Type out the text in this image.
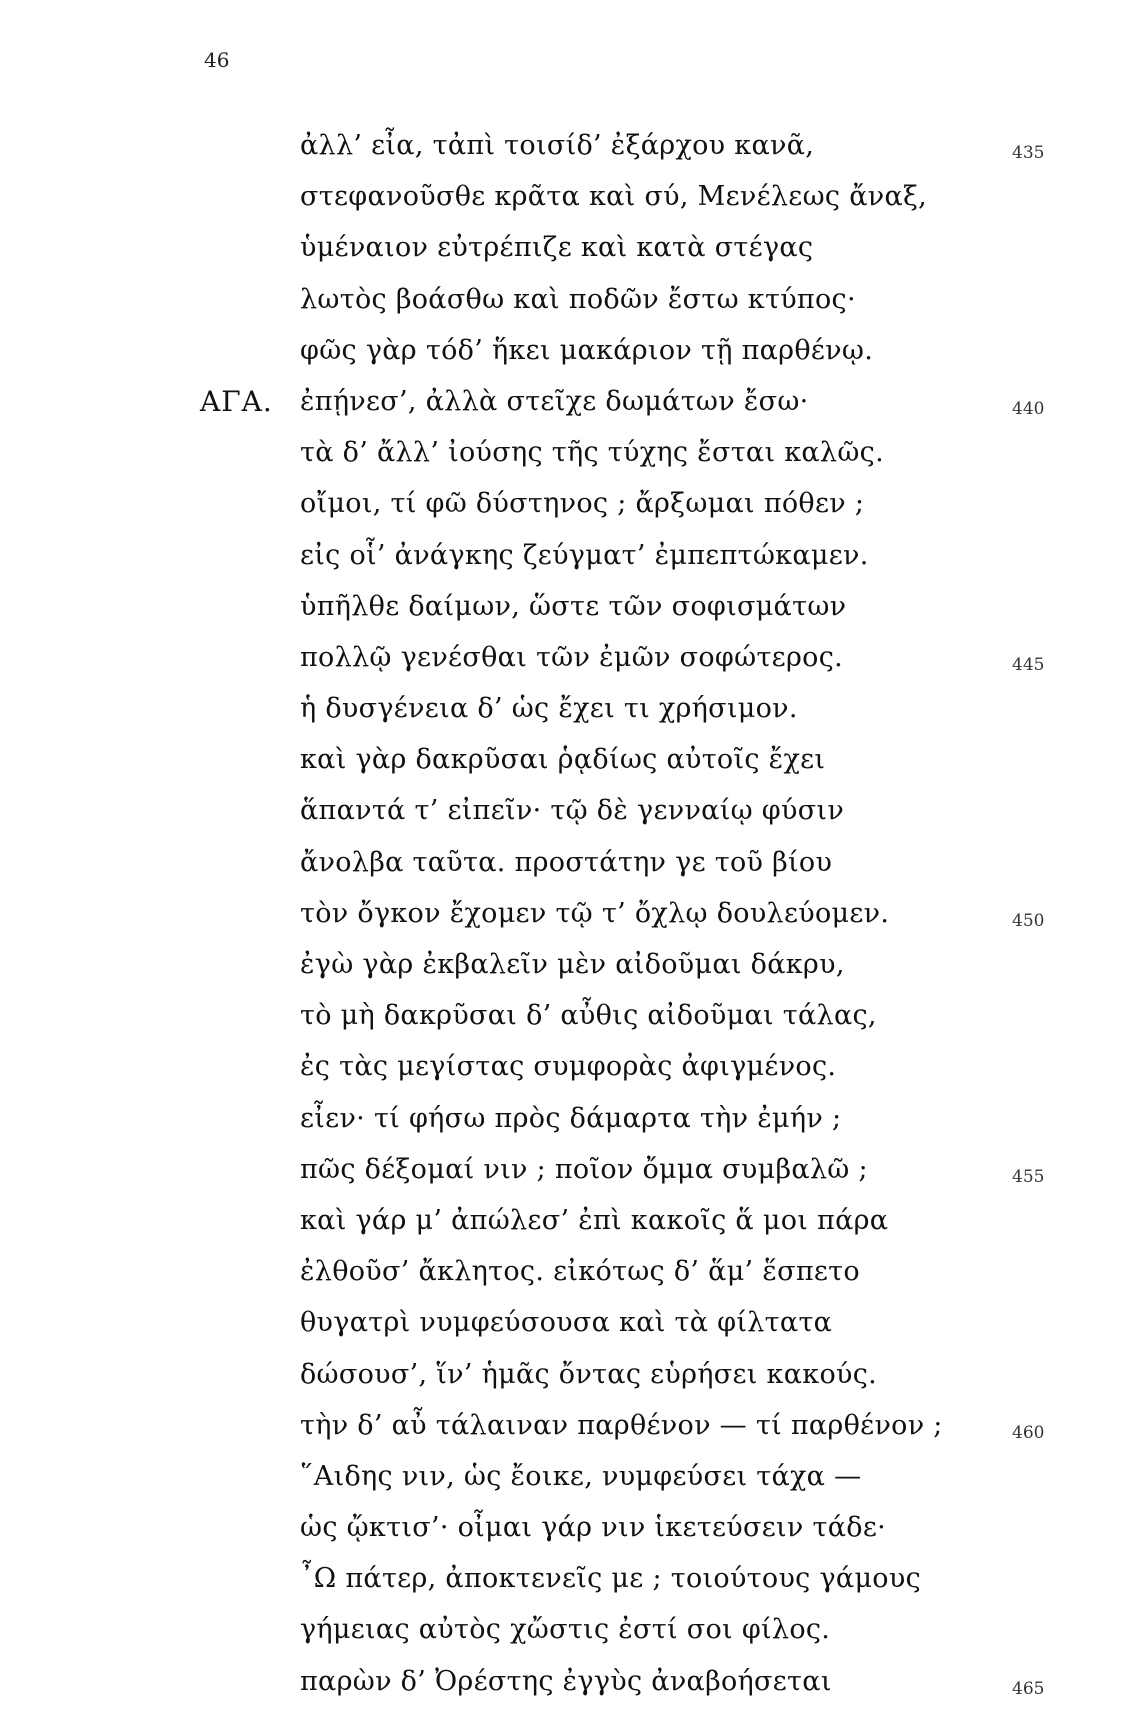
46
ἀλλ’ εἶα, τἀπὶ τοισίδ’ ἐξάρχου κανᾶ,	435
στεφανοῦσθε κρᾶτα καὶ σύ, Μενέλεως ἄναξ,
ὑμέναιον εὐτρέπιζε καὶ κατὰ στέγας
λωτὸς βοάσθω καὶ ποδῶν ἔστω κτύπος·
φῶς γὰρ τόδ’ ἥκει μακάριον τῇ παρθένῳ.
ΑΓΑ. ἐπῄνεσ’, ἀλλὰ στεῖχε δωμάτων ἔσω·	440
τὰ δ’ ἄλλ’ ἰούσης τῆς τύχης ἔσται καλῶς.
οἴμοι, τί φῶ δύστηνος ; ἄρξωμαι πόθεν ;
εἰς οἷ’ ἀνάγκης ζεύγματ’ ἐμπεπτώκαμεν.
ὑπῆλθε δαίμων, ὥστε τῶν σοφισμάτων
πολλῷ γενέσθαι τῶν ἐμῶν σοφώτερος.	445
ἡ δυσγένεια δ’ ὡς ἔχει τι χρήσιμον.
καὶ γὰρ δακρῦσαι ῥᾳδίως αὐτοῖς ἔχει
ἅπαντά τ’ εἰπεῖν· τῷ δὲ γενναίῳ φύσιν
ἄνολβα ταῦτα. προστάτην γε τοῦ βίου
τὸν ὄγκον ἔχομεν τῷ τ’ ὄχλῳ δουλεύομεν.	450
ἐγὼ γὰρ ἐκβαλεῖν μὲν αἰδοῦμαι δάκρυ,
τὸ μὴ δακρῦσαι δ’ αὖθις αἰδοῦμαι τάλας,
ἐς τὰς μεγίστας συμφορὰς ἀφιγμένος.
εἶεν· τί φήσω πρὸς δάμαρτα τὴν ἐμήν ;
πῶς δέξομαί νιν ; ποῖον ὄμμα συμβαλῶ ;	455
καὶ γάρ μ’ ἀπώλεσ’ ἐπὶ κακοῖς ἅ μοι πάρα
ἐλθοῦσ’ ἄκλητος. εἰκότως δ’ ἅμ’ ἕσπετο
θυγατρὶ νυμφεύσουσα καὶ τὰ φίλτατα
δώσουσ’, ἵν’ ἡμᾶς ὄντας εὑρήσει κακούς.
τὴν δ’ αὖ τάλαιναν παρθένον — τί παρθένον ;	460
῞Αιδης νιν, ὡς ἔοικε, νυμφεύσει τάχα —
ὡς ᾤκτισ’· οἶμαι γάρ νιν ἱκετεύσειν τάδε·
῏Ω πάτερ, ἀποκτενεῖς με ; τοιούτους γάμους
γήμειας αὐτὸς χὤστις ἐστί σοι φίλος.
παρὼν δ’ Ὀρέστης ἐγγὺς ἀναβοήσεται	465
